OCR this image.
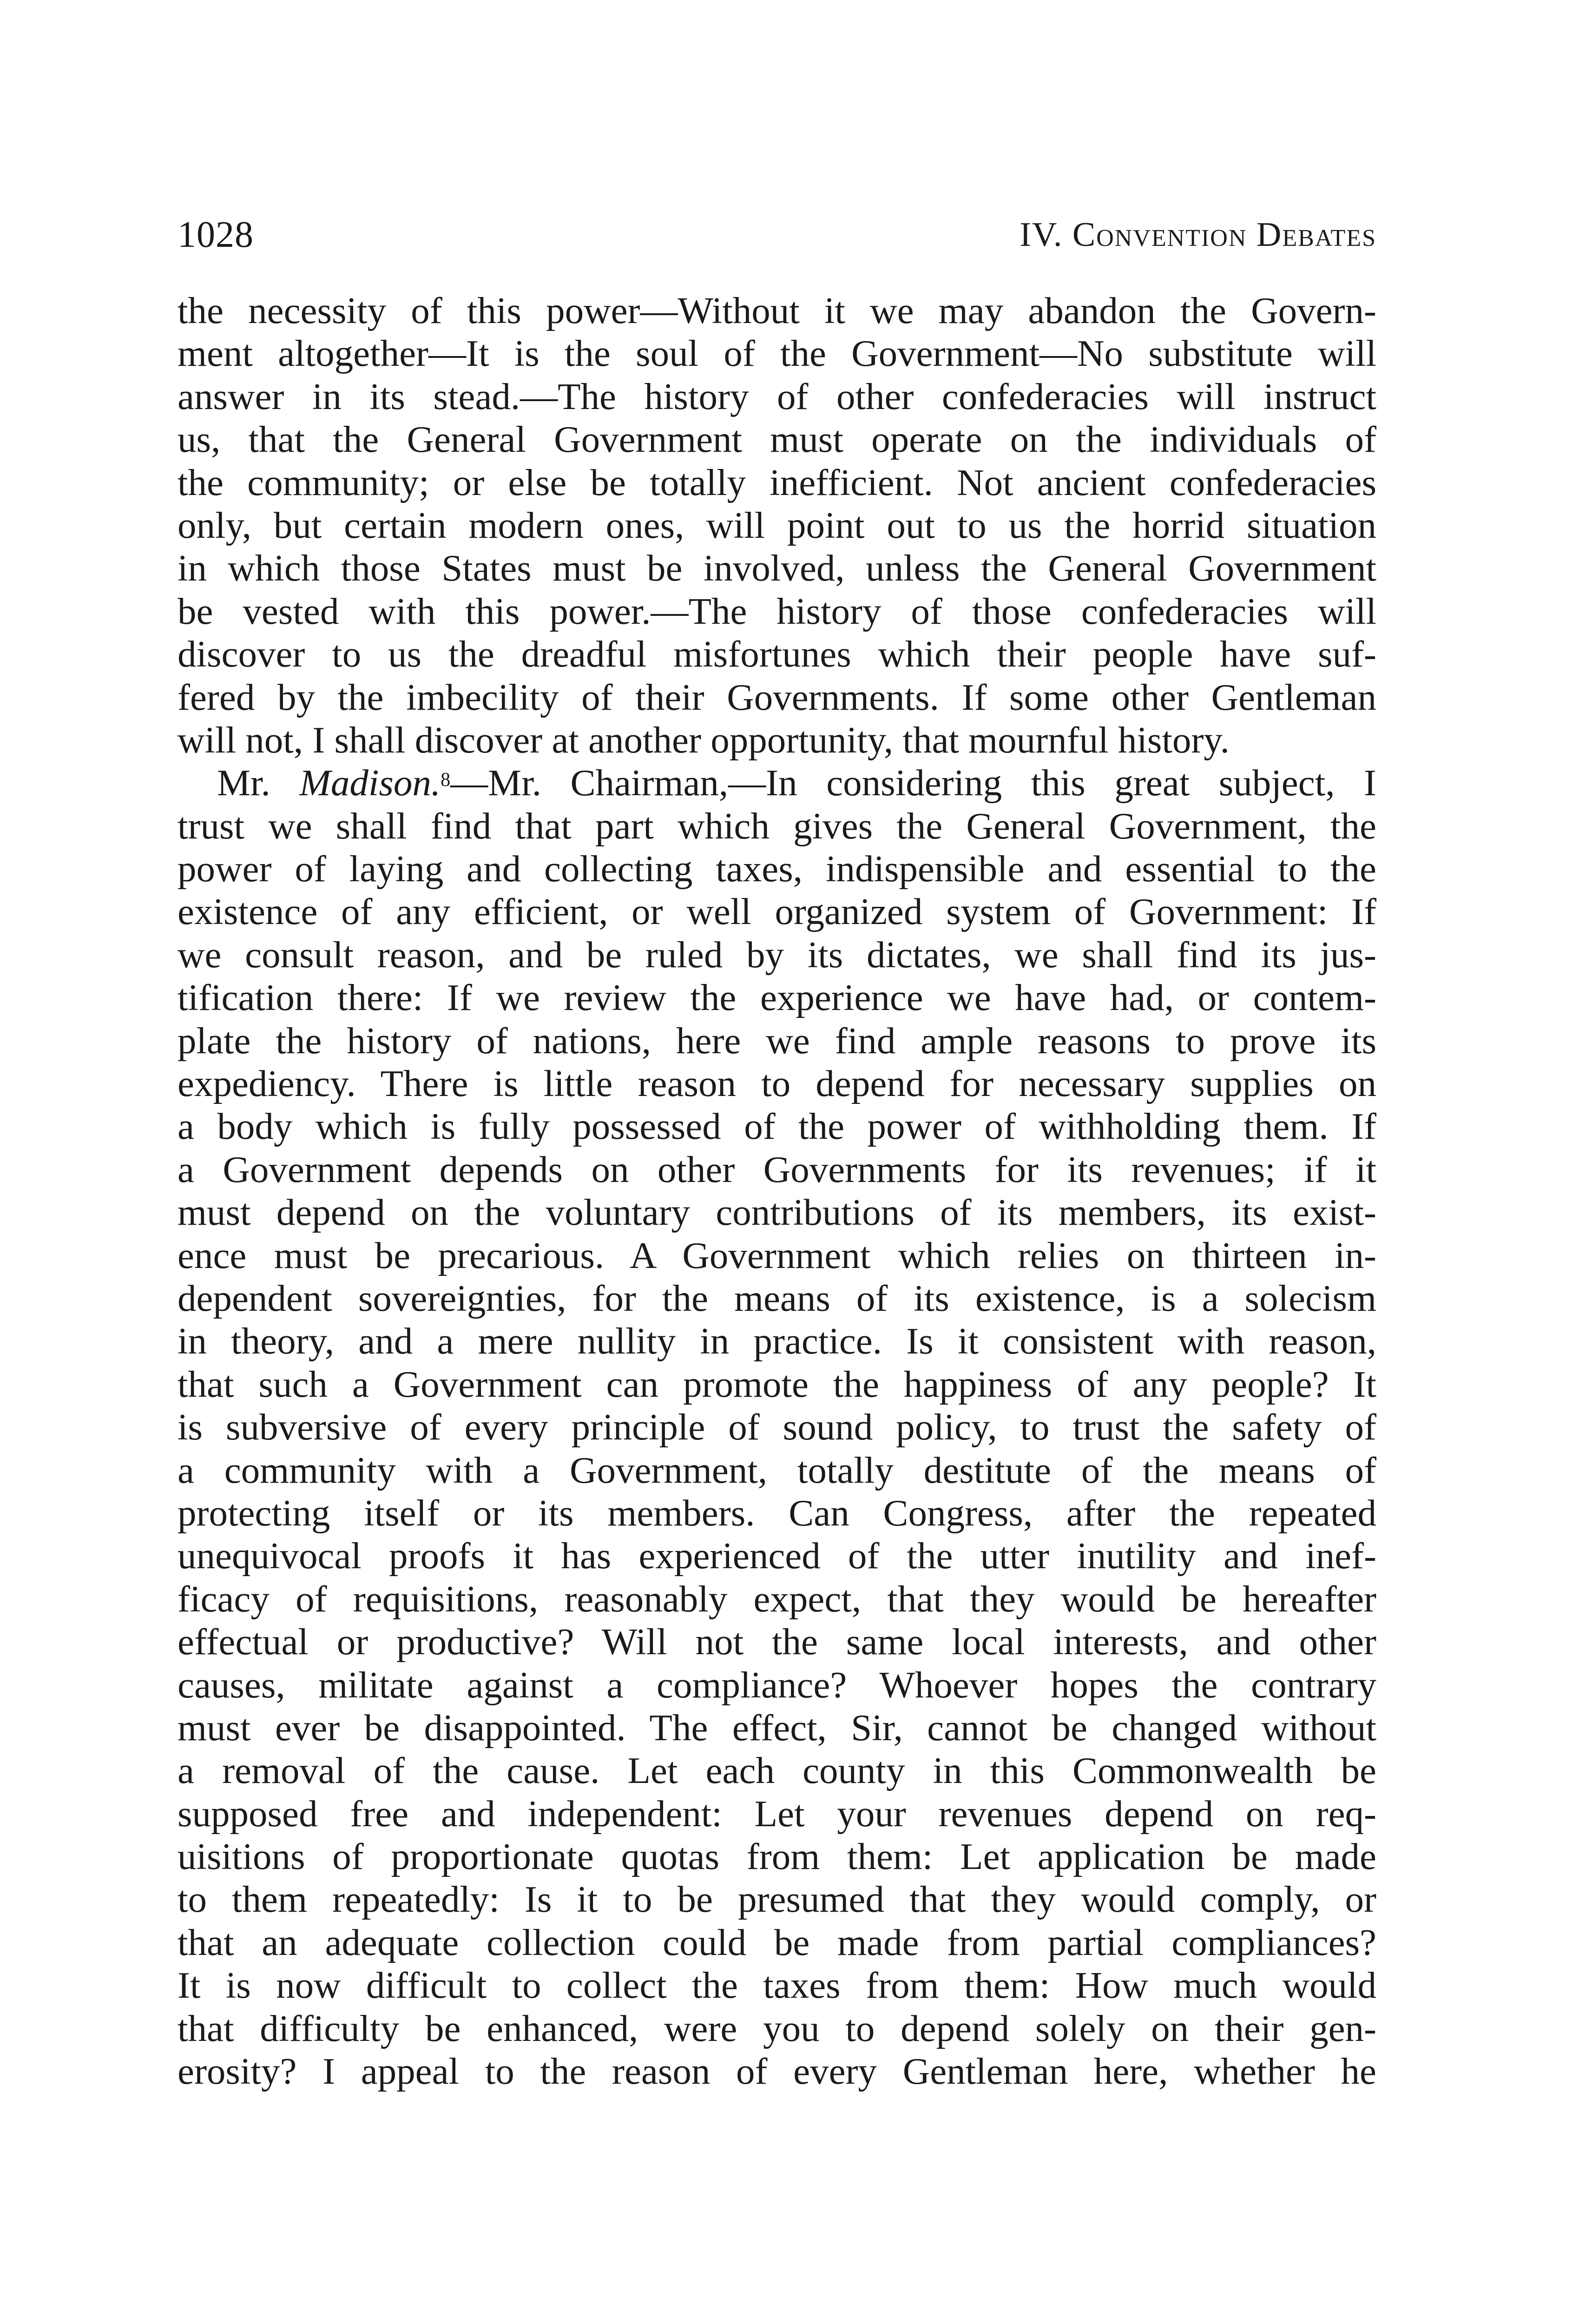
1028	IV. Convention Debates
the necessity of this power—Without it we may abandon the Govern-
ment altogether—It is the soul of the Government—No substitute will
answer in its stead.—The history of other confederacies will instruct
us, that the General Government must operate on the individuals of
the community; or else be totally inefficient. Not ancient confederacies
only, but certain modern ones, will point out to us the horrid situation
in which those States must be involved, unless the General Government
be vested with this power.—The history of those confederacies will
discover to us the dreadful misfortunes which their people have suf-
fered by the imbecility of their Governments. If some other Gentleman
will not, I shall discover at another opportunity, that mournful history.
Mr. Madison.$^8$—Mr. Chairman,—In considering this great subject, I
trust we shall find that part which gives the General Government, the
power of laying and collecting taxes, indispensible and essential to the
existence of any efficient, or well organized system of Government: If
we consult reason, and be ruled by its dictates, we shall find its jus-
tification there: If we review the experience we have had, or contem-
plate the history of nations, here we find ample reasons to prove its
expediency. There is little reason to depend for necessary supplies on
a body which is fully possessed of the power of withholding them. If
a Government depends on other Governments for its revenues; if it
must depend on the voluntary contributions of its members, its exist-
ence must be precarious. A Government which relies on thirteen in-
dependent sovereignties, for the means of its existence, is a solecism
in theory, and a mere nullity in practice. Is it consistent with reason,
that such a Government can promote the happiness of any people? It
is subversive of every principle of sound policy, to trust the safety of
a community with a Government, totally destitute of the means of
protecting itself or its members. Can Congress, after the repeated
unequivocal proofs it has experienced of the utter inutility and inef-
ficacy of requisitions, reasonably expect, that they would be hereafter
effectual or productive? Will not the same local interests, and other
causes, militate against a compliance? Whoever hopes the contrary
must ever be disappointed. The effect, Sir, cannot be changed without
a removal of the cause. Let each county in this Commonwealth be
supposed free and independent: Let your revenues depend on req-
uisitions of proportionate quotas from them: Let application be made
to them repeatedly: Is it to be presumed that they would comply, or
that an adequate collection could be made from partial compliances?
It is now difficult to collect the taxes from them: How much would
that difficulty be enhanced, were you to depend solely on their gen-
erosity? I appeal to the reason of every Gentleman here, whether he
